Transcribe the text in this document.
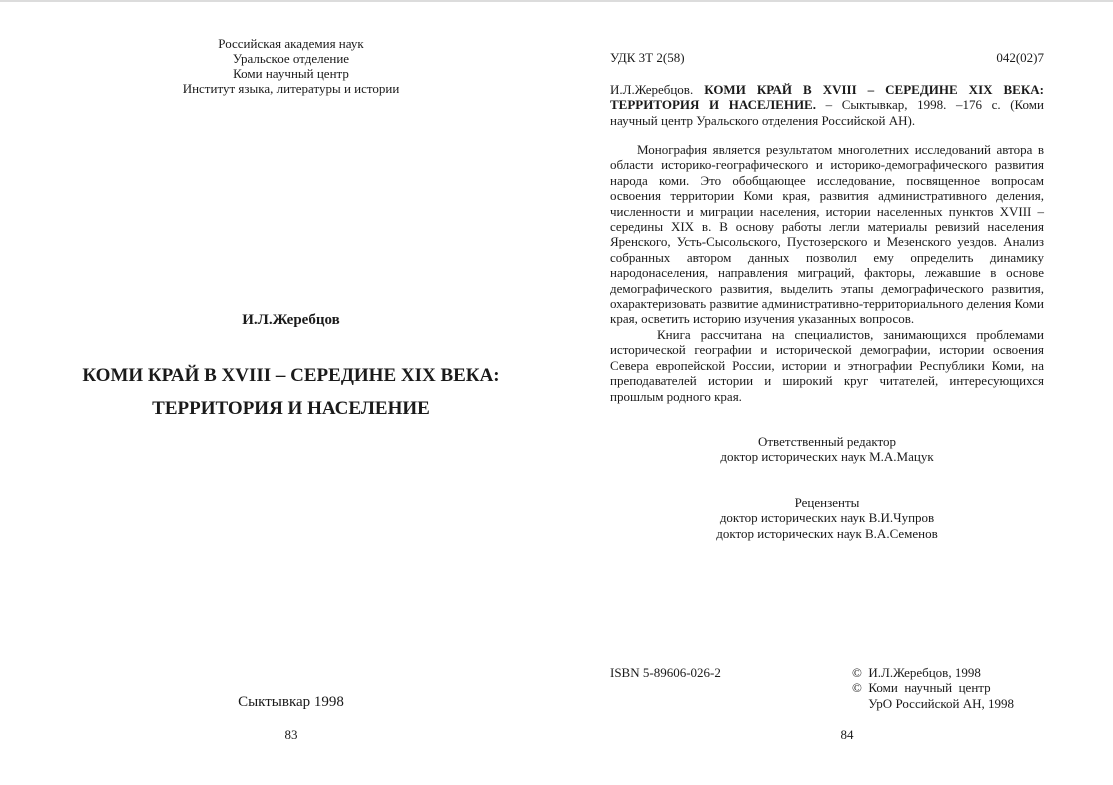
Российская академия наук
Уральское отделение
Коми научный центр
Институт языка, литературы и истории
И.Л.Жеребцов
КОМИ КРАЙ В XVIII – СЕРЕДИНЕ XIX ВЕКА:
ТЕРРИТОРИЯ И НАСЕЛЕНИЕ
Сыктывкар 1998
83
УДК 3Т 2(58)	042(02)7
И.Л.Жеребцов. КОМИ КРАЙ В XVIII – СЕРЕДИНЕ XIX ВЕКА: ТЕРРИТОРИЯ И НАСЕЛЕНИЕ. – Сыктывкар, 1998. –176 с. (Коми научный центр Уральского отделения Российской АН).

Монография является результатом многолетних исследований автора в области историко-географического и историко-демографического развития народа коми. Это обобщающее исследование, посвященное вопросам освоения территории Коми края, развития административного деления, численности и миграции населения, истории населенных пунктов XVIII – середины XIX в. В основу работы легли материалы ревизий населения Яренского, Усть-Сысольского, Пустозерского и Мезенского уездов. Анализ собранных автором данных позволил ему определить динамику народонаселения, направления миграций, факторы, лежавшие в основе демографического развития, выделить этапы демографического развития, охарактеризовать развитие административно-территориального деления Коми края, осветить историю изучения указанных вопросов.

Книга рассчитана на специалистов, занимающихся проблемами исторической географии и исторической демографии, истории освоения Севера европейской России, истории и этнографии Республики Коми, на преподавателей истории и широкий круг читателей, интересующихся прошлым родного края.

Ответственный редактор
доктор исторических наук М.А.Мацук
Рецензенты
доктор исторических наук В.И.Чупров
доктор исторических наук В.А.Семенов
ISBN 5-89606-026-2	©  И.Л.Жеребцов, 1998
©  Коми  научный  центр
УрО Российской АН, 1998
84
